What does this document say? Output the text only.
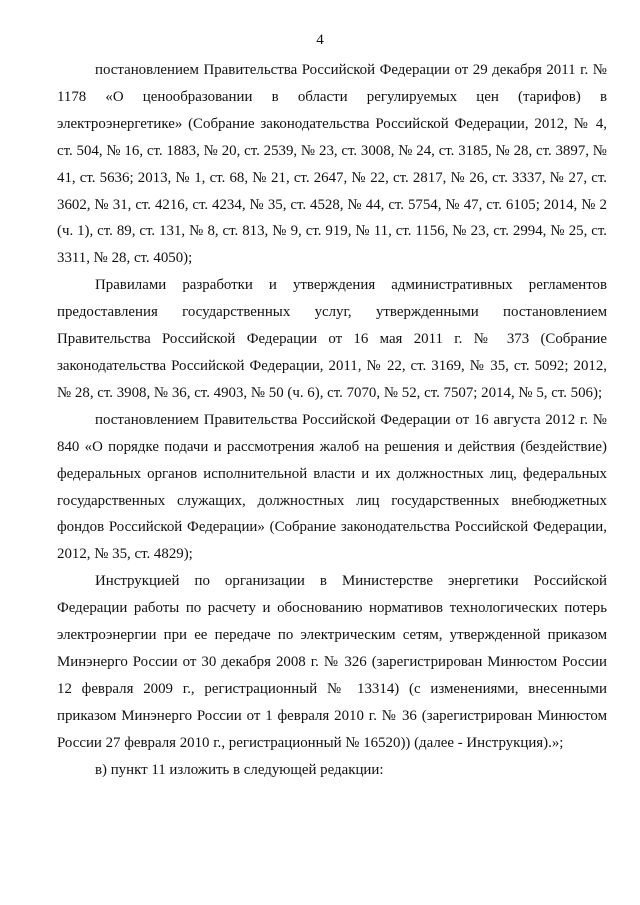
4

постановлением Правительства Российской Федерации от 29 декабря 2011 г. № 1178 «О ценообразовании в области регулируемых цен (тарифов) в электроэнергетике» (Собрание законодательства Российской Федерации, 2012, № 4, ст. 504, № 16, ст. 1883, № 20, ст. 2539, № 23, ст. 3008, № 24, ст. 3185, № 28, ст. 3897, № 41, ст. 5636; 2013, № 1, ст. 68, № 21, ст. 2647, № 22, ст. 2817, № 26, ст. 3337, № 27, ст. 3602, № 31, ст. 4216, ст. 4234, № 35, ст. 4528, № 44, ст. 5754, № 47, ст. 6105; 2014, № 2 (ч. 1), ст. 89, ст. 131, № 8, ст. 813, № 9, ст. 919, № 11, ст. 1156, № 23, ст. 2994, № 25, ст. 3311, № 28, ст. 4050);

Правилами разработки и утверждения административных регламентов предоставления государственных услуг, утвержденными постановлением Правительства Российской Федерации от 16 мая 2011 г. № 373 (Собрание законодательства Российской Федерации, 2011, № 22, ст. 3169, № 35, ст. 5092; 2012, № 28, ст. 3908, № 36, ст. 4903, № 50 (ч. 6), ст. 7070, № 52, ст. 7507; 2014, № 5, ст. 506);

постановлением Правительства Российской Федерации от 16 августа 2012 г. № 840 «О порядке подачи и рассмотрения жалоб на решения и действия (бездействие) федеральных органов исполнительной власти и их должностных лиц, федеральных государственных служащих, должностных лиц государственных внебюджетных фондов Российской Федерации» (Собрание законодательства Российской Федерации, 2012, № 35, ст. 4829);

Инструкцией по организации в Министерстве энергетики Российской Федерации работы по расчету и обоснованию нормативов технологических потерь электроэнергии при ее передаче по электрическим сетям, утвержденной приказом Минэнерго России от 30 декабря 2008 г. № 326 (зарегистрирован Минюстом России 12 февраля 2009 г., регистрационный № 13314) (с изменениями, внесенными приказом Минэнерго России от 1 февраля 2010 г. № 36 (зарегистрирован Минюстом России 27 февраля 2010 г., регистрационный № 16520)) (далее - Инструкция).»;

в) пункт 11 изложить в следующей редакции:
